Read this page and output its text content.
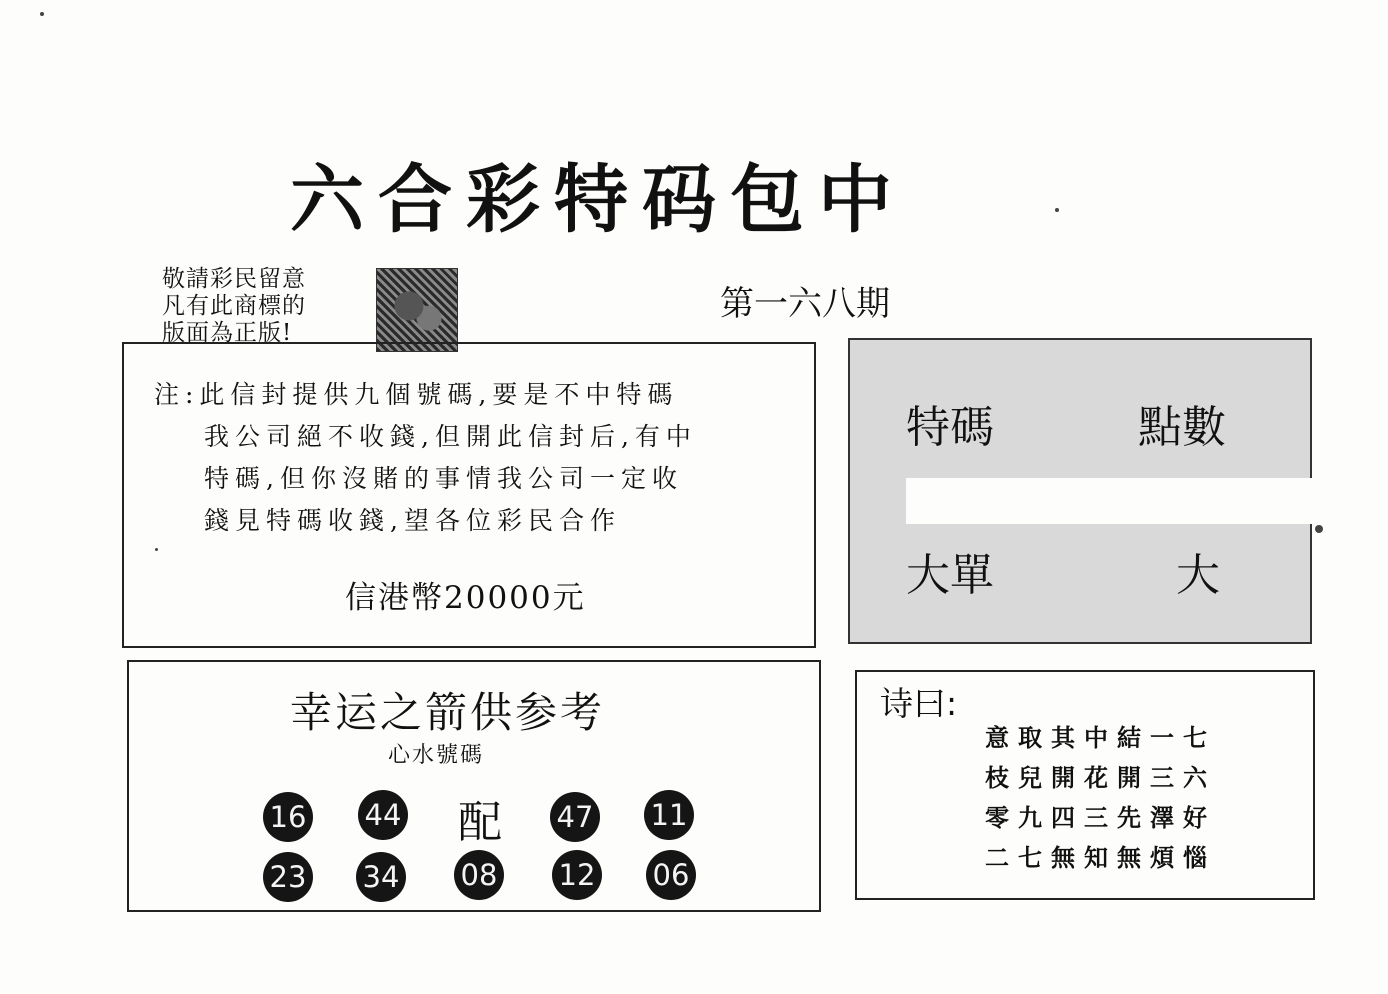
六合彩特码包中
敬請彩民留意
凡有此商標的
版面為正版!
第一六八期
注:此信封提供九個號碼,要是不中特碼
我公司絕不收錢,但開此信封后,有中
特碼,但你沒賭的事情我公司一定收
錢見特碼收錢,望各位彩民合作
信港幣20000元
特碼	點數
大單	大
幸运之箭供参考
心水號碼
16 44 配 47 11
23 34 08 12 06
诗曰:
意取其中結一七
枝兒開花開三六
零九四三先澤好
二七無知無煩惱
